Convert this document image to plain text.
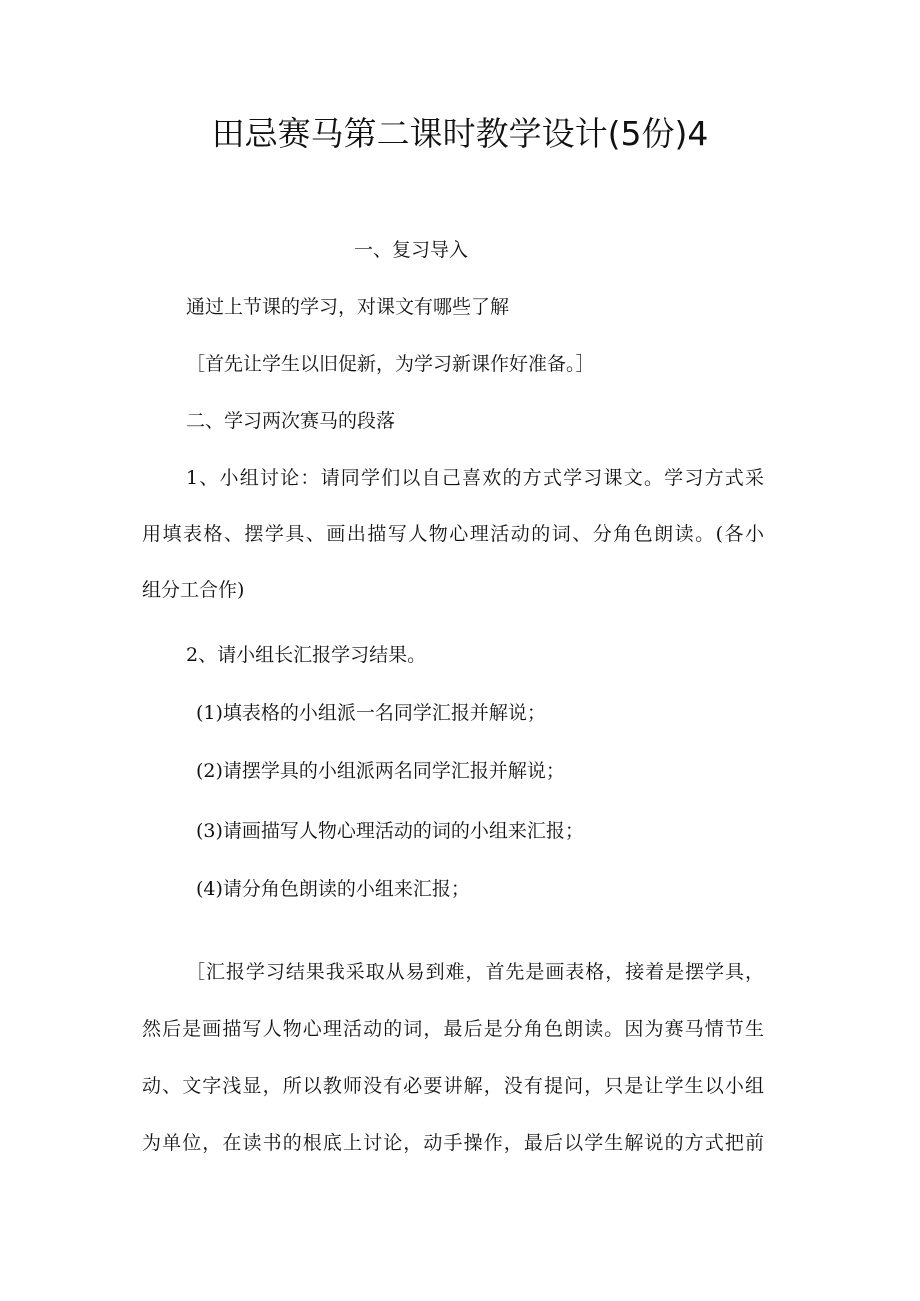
田忌赛马第二课时教学设计(5份)4

一、复习导入

通过上节课的学习，对课文有哪些了解

［首先让学生以旧促新，为学习新课作好准备。］

二、学习两次赛马的段落

1、小组讨论：请同学们以自己喜欢的方式学习课文。学习方式采

用填表格、摆学具、画出描写人物心理活动的词、分角色朗读。(各小

组分工合作)

2、请小组长汇报学习结果。

(1)填表格的小组派一名同学汇报并解说；

(2)请摆学具的小组派两名同学汇报并解说；

(3)请画描写人物心理活动的词的小组来汇报；

(4)请分角色朗读的小组来汇报；

［汇报学习结果我采取从易到难，首先是画表格，接着是摆学具，

然后是画描写人物心理活动的词，最后是分角色朗读。因为赛马情节生

动、文字浅显，所以教师没有必要讲解，没有提问，只是让学生以小组

为单位，在读书的根底上讨论，动手操作，最后以学生解说的方式把前
